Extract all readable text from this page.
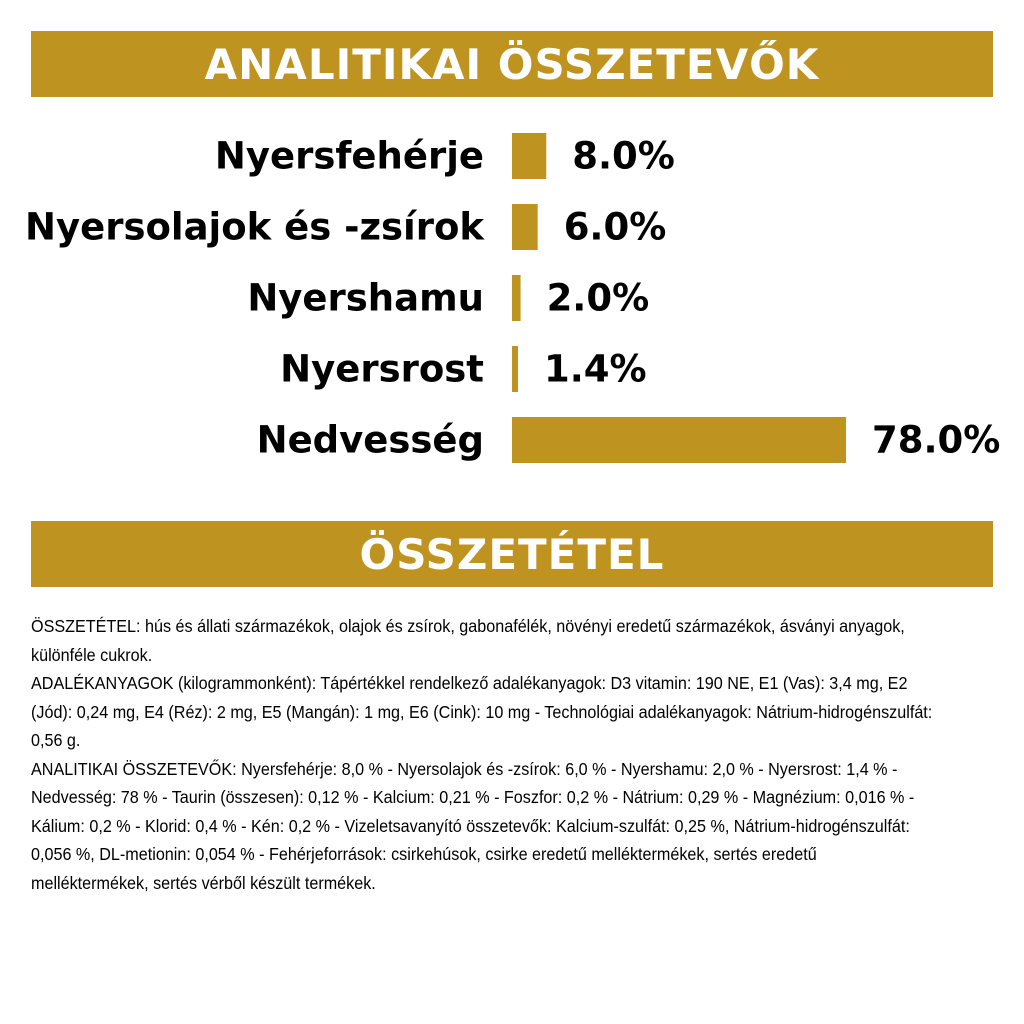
ANALITIKAI ÖSSZETEVŐK
Nyersfehérje 8.0%
Nyersolajok és -zsírok 6.0%
Nyershamu 2.0%
Nyersrost 1.4%
Nedvesség	78.0%
ÖSSZETÉTEL

ÖSSZETÉTEL: hús és állati származékok, olajok és zsírok, gabonafélék, növényi eredetű származékok, ásványi anyagok, különféle cukrok.

ADALÉKANYAGOK (kilogrammonként): Tápértékkel rendelkező adalékanyagok: D3 vitamin: 190 NE, E1 (Vas): 3,4 mg, E2 (Jód): 0,24 mg, E4 (Réz): 2 mg, E5 (Mangán): 1 mg, E6 (Cink): 10 mg - Technológiai adalékanyagok: Nátrium-hidrogénszulfát: 0,56 g.

ANALITIKAI ÖSSZETEVŐK: Nyersfehérje: 8,0 % - Nyersolajok és -zsírok: 6,0 % - Nyershamu: 2,0 % - Nyersrost: 1,4 % - Nedvesség: 78 % - Taurin (összesen): 0,12 % - Kalcium: 0,21 % - Foszfor: 0,2 % - Nátrium: 0,29 % - Magnézium: 0,016 % - Kálium: 0,2 % - Klorid: 0,4 % - Kén: 0,2 % - Vizeletsavanyító összetevők: Kalcium-szulfát: 0,25 %, Nátrium-hidrogénszulfát: 0,056 %, DL-metionin: 0,054 % - Fehérjeforrások: csirkehúsok, csirke eredetű melléktermékek, sertés eredetű melléktermékek, sertés vérből készült termékek.
